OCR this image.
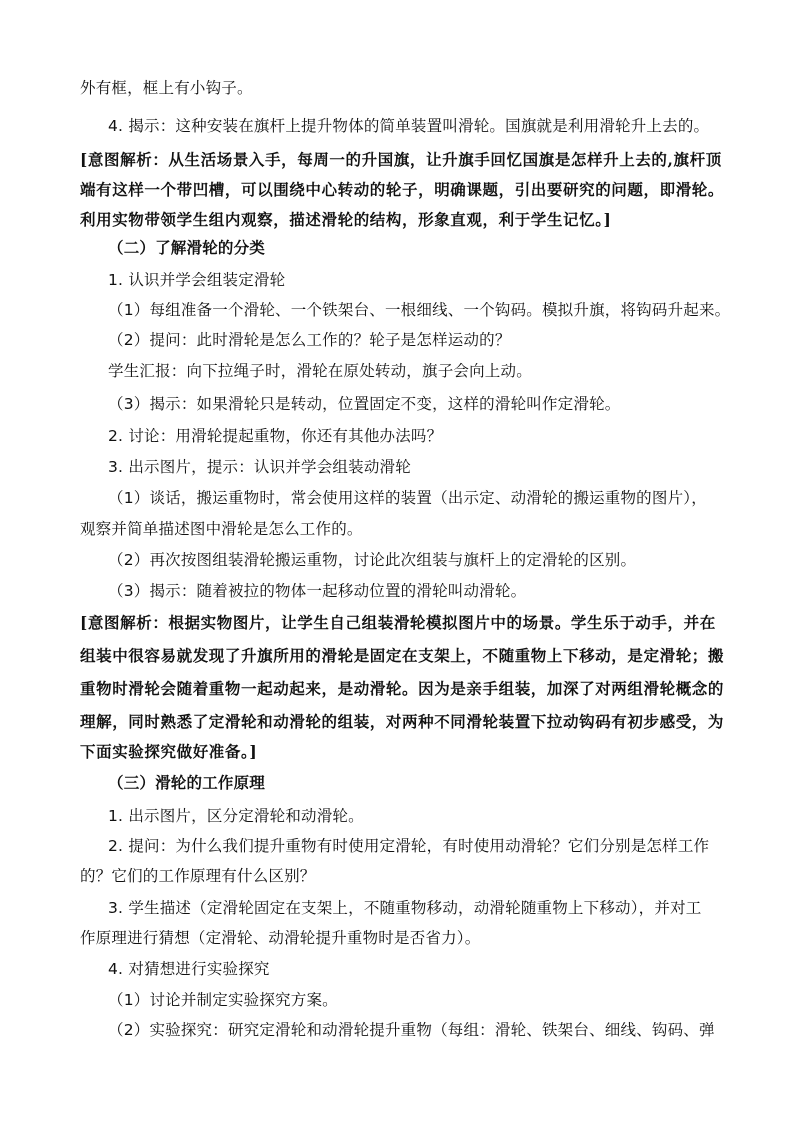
外有框，框上有小钩子。
4. 揭示：这种安装在旗杆上提升物体的简单装置叫滑轮。国旗就是利用滑轮升上去的。
[意图解析：从生活场景入手，每周一的升国旗，让升旗手回忆国旗是怎样升上去的,旗杆顶
端有这样一个带凹槽，可以围绕中心转动的轮子，明确课题，引出要研究的问题，即滑轮。
利用实物带领学生组内观察，描述滑轮的结构，形象直观，利于学生记忆。]
（二）了解滑轮的分类
1. 认识并学会组装定滑轮
（1）每组准备一个滑轮、一个铁架台、一根细线、一个钩码。模拟升旗，将钩码升起来。
（2）提问：此时滑轮是怎么工作的？轮子是怎样运动的？
学生汇报：向下拉绳子时，滑轮在原处转动，旗子会向上动。
（3）揭示：如果滑轮只是转动，位置固定不变，这样的滑轮叫作定滑轮。
2. 讨论：用滑轮提起重物，你还有其他办法吗？
3. 出示图片，提示：认识并学会组装动滑轮
（1）谈话，搬运重物时，常会使用这样的装置（出示定、动滑轮的搬运重物的图片），
观察并简单描述图中滑轮是怎么工作的。
（2）再次按图组装滑轮搬运重物，讨论此次组装与旗杆上的定滑轮的区别。
（3）揭示：随着被拉的物体一起移动位置的滑轮叫动滑轮。
[意图解析：根据实物图片，让学生自己组装滑轮模拟图片中的场景。学生乐于动手，并在
组装中很容易就发现了升旗所用的滑轮是固定在支架上，不随重物上下移动，是定滑轮；搬
重物时滑轮会随着重物一起动起来，是动滑轮。因为是亲手组装，加深了对两组滑轮概念的
理解，同时熟悉了定滑轮和动滑轮的组装，对两种不同滑轮装置下拉动钩码有初步感受，为
下面实验探究做好准备。]
（三）滑轮的工作原理
1. 出示图片，区分定滑轮和动滑轮。
2. 提问：为什么我们提升重物有时使用定滑轮，有时使用动滑轮？它们分别是怎样工作
的？它们的工作原理有什么区别？
3. 学生描述（定滑轮固定在支架上，不随重物移动，动滑轮随重物上下移动），并对工
作原理进行猜想（定滑轮、动滑轮提升重物时是否省力）。
4. 对猜想进行实验探究
（1）讨论并制定实验探究方案。
（2）实验探究：研究定滑轮和动滑轮提升重物（每组：滑轮、铁架台、细线、钩码、弹
